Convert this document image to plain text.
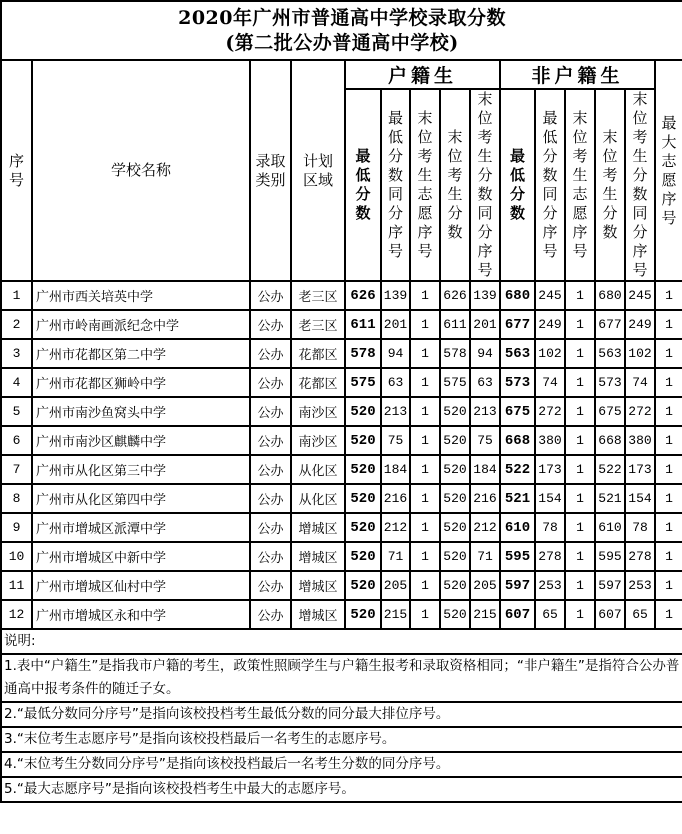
2020年广州市普通高中学校录取分数
(第二批公办普通高中学校)														

序号	学校名称	录取类别	计划区域	户籍生					非户籍生					最大志愿序号
				最低分数	最低分数同分序号	末位考生志愿序号	末位考生分数	末位考生分数同分序号	最低分数	最低分数同分序号	末位考生志愿序号	末位考生分数	末位考生分数同分序号	
1	广州市西关培英中学	公办	老三区	626	139	1	626	139	680	245	1	680	245	1
2	广州市岭南画派纪念中学	公办	老三区	611	201	1	611	201	677	249	1	677	249	1
3	广州市花都区第二中学	公办	花都区	578	94	1	578	94	563	102	1	563	102	1
4	广州市花都区狮岭中学	公办	花都区	575	63	1	575	63	573	74	1	573	74	1
5	广州市南沙鱼窝头中学	公办	南沙区	520	213	1	520	213	675	272	1	675	272	1
6	广州市南沙区麒麟中学	公办	南沙区	520	75	1	520	75	668	380	1	668	380	1
7	广州市从化区第三中学	公办	从化区	520	184	1	520	184	522	173	1	522	173	1
8	广州市从化区第四中学	公办	从化区	520	216	1	520	216	521	154	1	521	154	1
9	广州市增城区派潭中学	公办	增城区	520	212	1	520	212	610	78	1	610	78	1
10	广州市增城区中新中学	公办	增城区	520	71	1	520	71	595	278	1	595	278	1
11	广州市增城区仙村中学	公办	增城区	520	205	1	520	205	597	253	1	597	253	1
12	广州市增城区永和中学	公办	增城区	520	215	1	520	215	607	65	1	607	65	1
说明:														
1.表中“户籍生”是指我市户籍的考生，政策性照顾学生与户籍生报考和录取资格相同；“非户籍生”是指符合公办普通高中报考条件的随迁子女。														
2.“最低分数同分序号”是指向该校投档考生最低分数的同分最大排位序号。														
3.“末位考生志愿序号”是指向该校投档最后一名考生的志愿序号。														
4.“末位考生分数同分序号”是指向该校投档最后一名考生分数的同分序号。														
5.“最大志愿序号”是指向该校投档考生中最大的志愿序号。														
